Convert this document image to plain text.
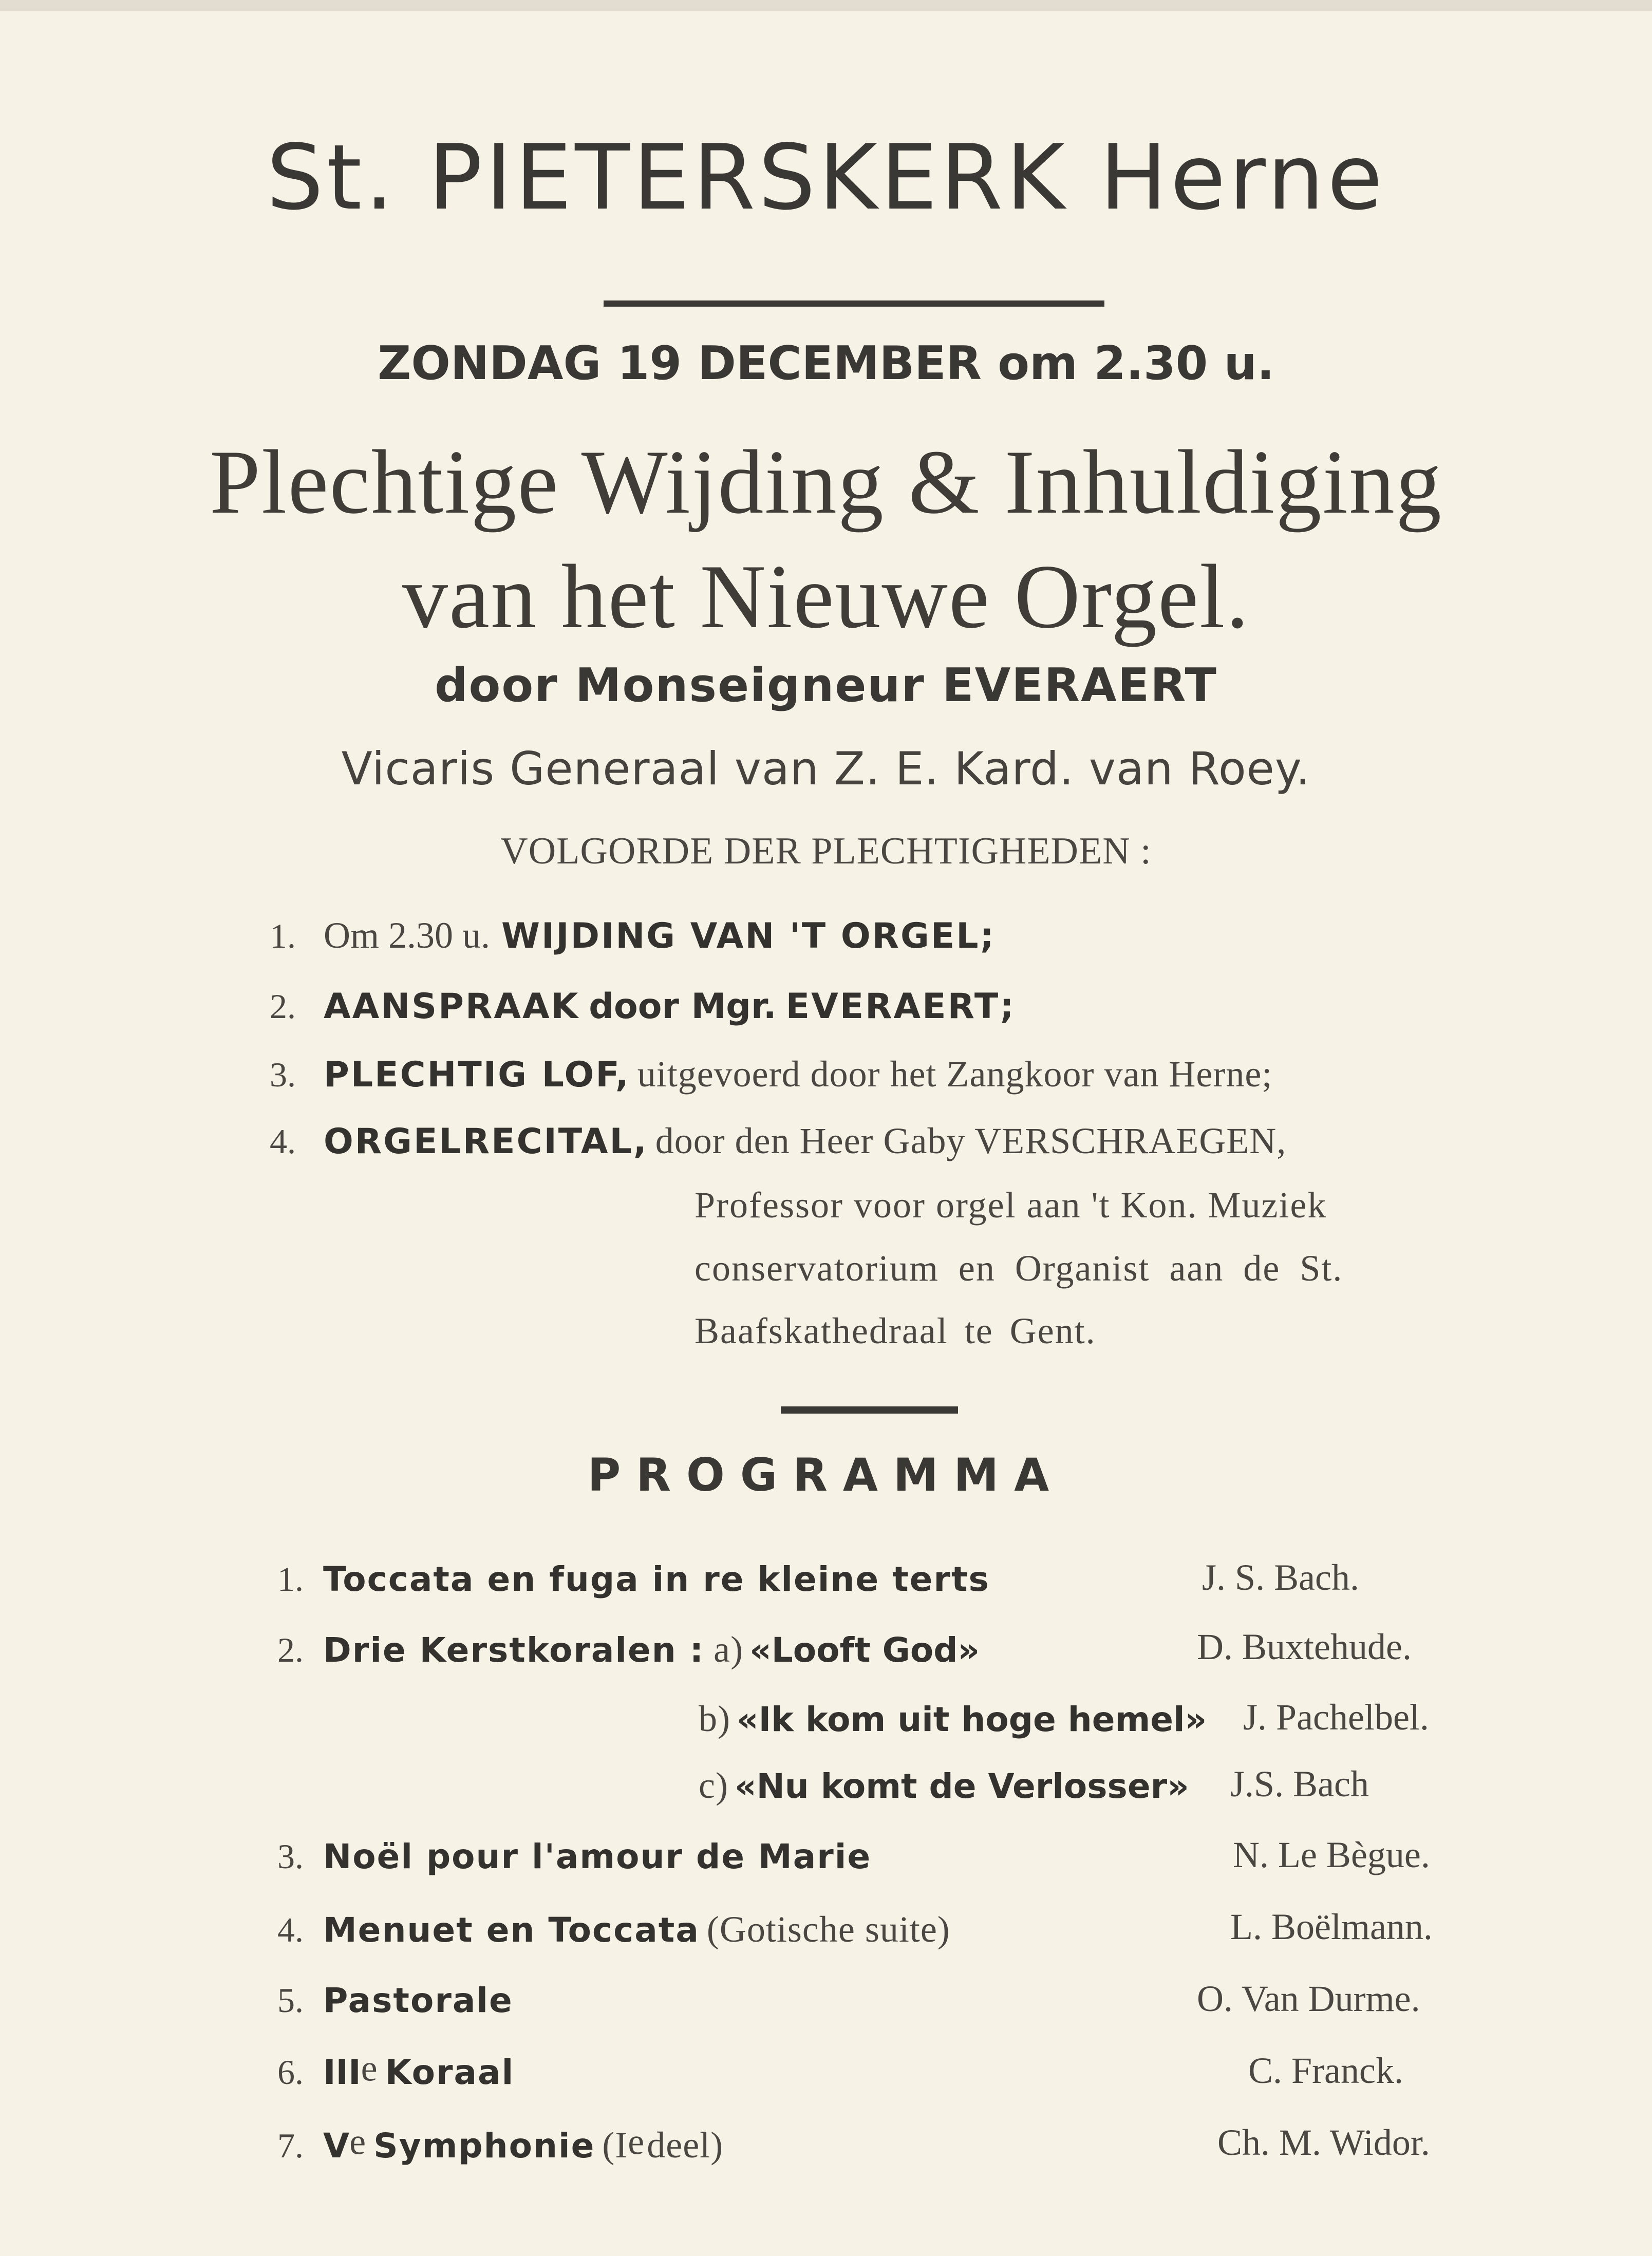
St. PIETERSKERK Herne
ZONDAG 19 DECEMBER om 2.30 u.
Plechtige Wijding & Inhuldiging
van het Nieuwe Orgel.
door Monseigneur EVERAERT
Vicaris Generaal van Z. E. Kard. van Roey.
VOLGORDE DER PLECHTIGHEDEN :
1. Om 2.30 u. WIJDING VAN 'T ORGEL;
2. AANSPRAAK door Mgr. EVERAERT;
3. PLECHTIG LOF, uitgevoerd door het Zangkoor van Herne;
4. ORGELRECITAL, door den Heer Gaby VERSCHRAEGEN,
Professor voor orgel aan 't Kon. Muziek
conservatorium en Organist aan de St.
Baafskathedraal te Gent.
PROGRAMMA
1. Toccata en fuga in re kleine terts	J. S. Bach.
2. Drie Kerstkoralen : a) «Looft God»	D. Buxtehude.
b) «Ik kom uit hoge hemel» J. Pachelbel.
c) «Nu komt de Verlosser» J.S. Bach
3. Noël pour l'amour de Marie	N. Le Bègue.
4. Menuet en Toccata (Gotische suite)	L. Boëlmann.
5. Pastorale	O. Van Durme.
6. IIIe Koraal	C. Franck.
7. Ve Symphonie (Ie deel)	Ch. M. Widor.
